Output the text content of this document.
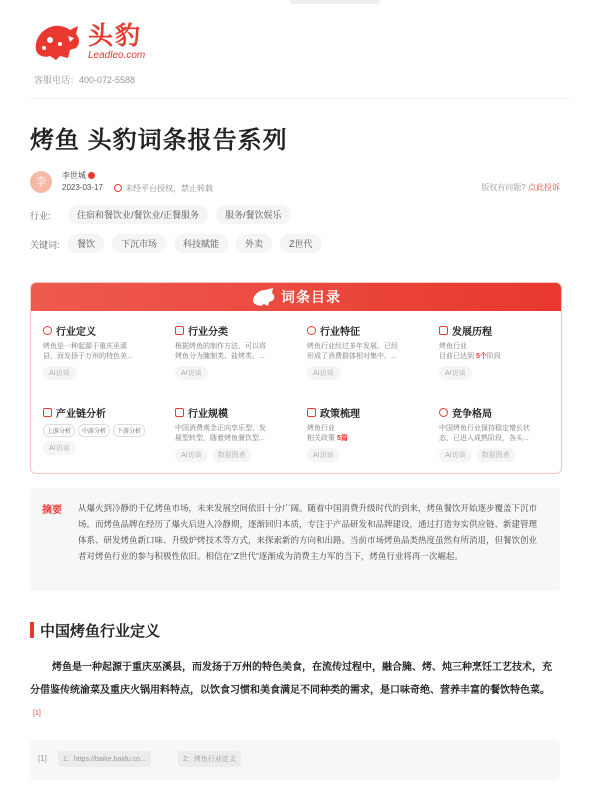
头豹
Leadleo.com
客服电话：400-072-5588
烤鱼 头豹词条报告系列
李
李世城
2023-03-17	未经平台授权，禁止转载	版权有问题? 点此投诉
行业:	住宿和餐饮业/餐饮业/正餐服务	服务/餐饮娱乐
关键词:	餐饮	下沉市场	科技赋能	外卖	Z世代
词条目录
行业定义
烤鱼是一种起源于重庆巫溪
县，而发扬于万州的特色美...
AI访谈
行业分类
根据烤鱼的制作方法，可以将
烤鱼分为腌制类、盐烤类、...
AI访谈
行业特征
烤鱼行业经过多年发展，已经
形成了消费群体相对集中、...
AI访谈
发展历程
烤鱼行业
目前已达到 5个阶段
AI访谈
产业链分析
上游分析	中游分析	下游分析
AI访谈
行业规模
中国消费观念正向享乐型、发
展型转型，随着烤鱼餐饮型...
AI访谈 数据图表
政策梳理
烤鱼行业
相关政策 5篇
AI访谈
竞争格局
中国烤鱼行业保持稳定增长状
态，已进入成熟阶段，各头...
AI访谈 数据图表
摘要 从爆火到冷静的千亿烤鱼市场，未来发展空间依旧十分广阔。随着中国消费升级时代的到来，烤鱼餐饮开始逐步覆盖下沉市场。而烤鱼品牌在经历了爆火后进入冷静期，逐渐回归本质，专注于产品研发和品牌建设，通过打造夯实供应链、新建管理体系、研发烤鱼新口味、升级炉烤技术等方式，来探索新的方向和出路。当前市场烤鱼品类热度虽然有所消退，但餐饮创业者对烤鱼行业的参与积极性依旧。相信在“Z世代”逐渐成为消费主力军的当下，烤鱼行业将再一次崛起。
中国烤鱼行业定义
烤鱼是一种起源于重庆巫溪县，而发扬于万州的特色美食，在流传过程中，融合腌、烤、炖三种烹饪工艺技术，充分借鉴传统渝菜及重庆火锅用料特点，以饮食习惯和美食满足不同种类的需求，是口味奇绝、营养丰富的餐饮特色菜。[1]
[1]	1：https://baike.baidu.co...	2：烤鱼行业定义
